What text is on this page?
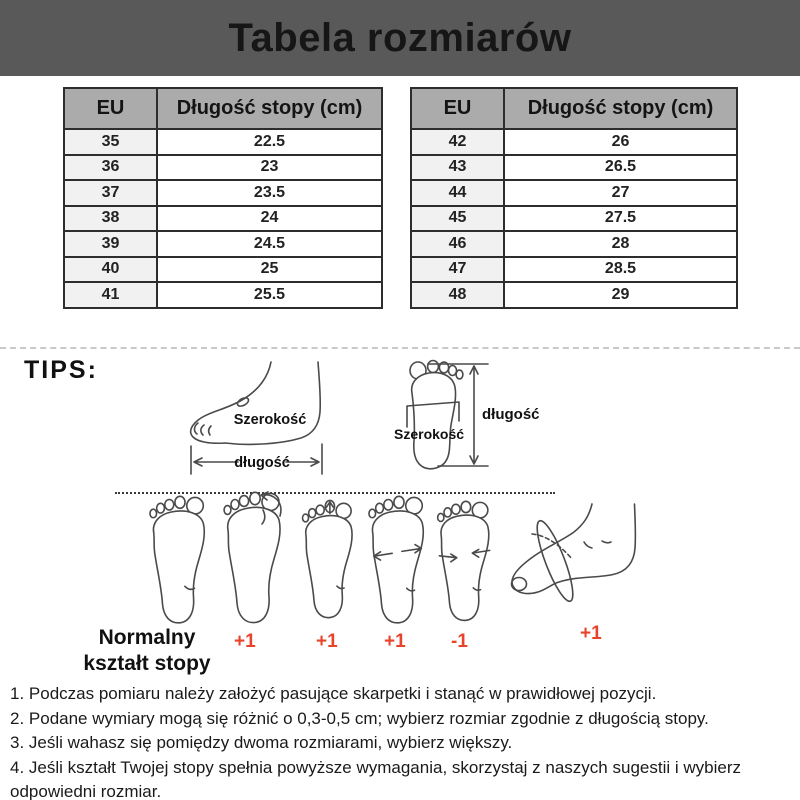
Tabela rozmiarów
EU	Długość stopy (cm)
35	22.5
36	23
37	23.5
38	24
39	24.5
40	25
41	25.5
EU	Długość stopy (cm)
42	26
43	26.5
44	27
45	27.5
46	28
47	28.5
48	29
TIPS:
Szerokość
długość
długość
Szerokość
Normalny
kształt stopy
+1	+1 +1 -1	+1
1. Podczas pomiaru należy założyć pasujące skarpetki i stanąć w prawidłowej pozycji.
2. Podane wymiary mogą się różnić o 0,3-0,5 cm; wybierz rozmiar zgodnie z długością stopy.
3. Jeśli wahasz się pomiędzy dwoma rozmiarami, wybierz większy.
4. Jeśli kształt Twojej stopy spełnia powyższe wymagania, skorzystaj z naszych sugestii i wybierz odpowiedni rozmiar.
